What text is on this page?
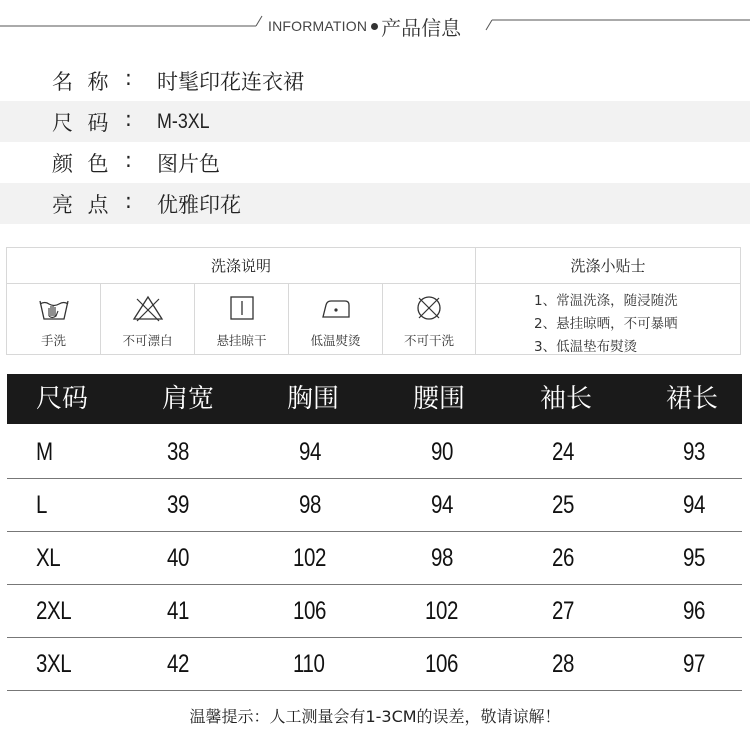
INFORMATION 产品信息
名 称 : 时髦印花连衣裙
尺 码 : M-3XL
颜 色 : 图片色
亮 点 : 优雅印花
洗涤说明	洗涤小贴士
手洗	不可漂白	悬挂晾干	低温熨烫	不可干洗
1、常温洗涤，随浸随洗
2、悬挂晾晒，不可暴晒
3、低温垫布熨烫
尺码	肩宽	胸围	腰围	袖长	裙长
M	38	94	90	24	93
L	39	98	94	25	94
XL	40	102	98	26	95
2XL	41	106	102	27	96
3XL	42	110	106	28	97
温馨提示：人工测量会有1-3CM的误差，敬请谅解！
